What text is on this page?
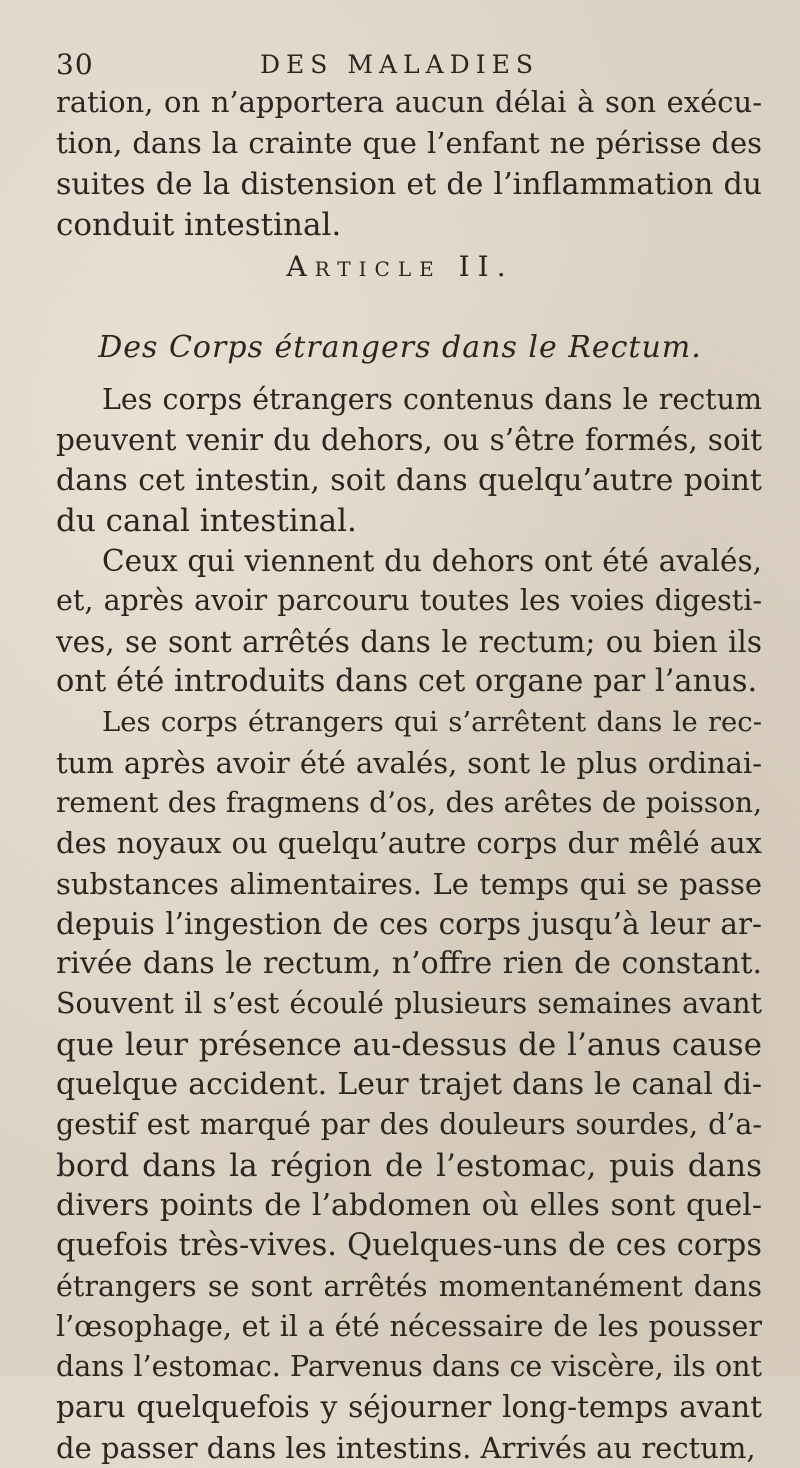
30	DES MALADIES
ration, on n’apportera aucun délai à son exécu-
tion, dans la crainte que l’enfant ne périsse des
suites de la distension et de l’inflammation du
conduit intestinal.
Article II.
Des Corps étrangers dans le Rectum.
Les corps étrangers contenus dans le rectum
peuvent venir du dehors, ou s’être formés, soit
dans cet intestin, soit dans quelqu’autre point
du canal intestinal.
Ceux qui viennent du dehors ont été avalés,
et, après avoir parcouru toutes les voies digesti-
ves, se sont arrêtés dans le rectum; ou bien ils
ont été introduits dans cet organe par l’anus.
Les corps étrangers qui s’arrêtent dans le rec-
tum après avoir été avalés, sont le plus ordinai-
rement des fragmens d’os, des arêtes de poisson,
des noyaux ou quelqu’autre corps dur mêlé aux
substances alimentaires. Le temps qui se passe
depuis l’ingestion de ces corps jusqu’à leur ar-
rivée dans le rectum, n’offre rien de constant.
Souvent il s’est écoulé plusieurs semaines avant
que leur présence au-dessus de l’anus cause
quelque accident. Leur trajet dans le canal di-
gestif est marqué par des douleurs sourdes, d’a-
bord dans la région de l’estomac, puis dans
divers points de l’abdomen où elles sont quel-
quefois très-vives. Quelques-uns de ces corps
étrangers se sont arrêtés momentanément dans
l’œsophage, et il a été nécessaire de les pousser
dans l’estomac. Parvenus dans ce viscère, ils ont
paru quelquefois y séjourner long-temps avant
de passer dans les intestins. Arrivés au rectum,
